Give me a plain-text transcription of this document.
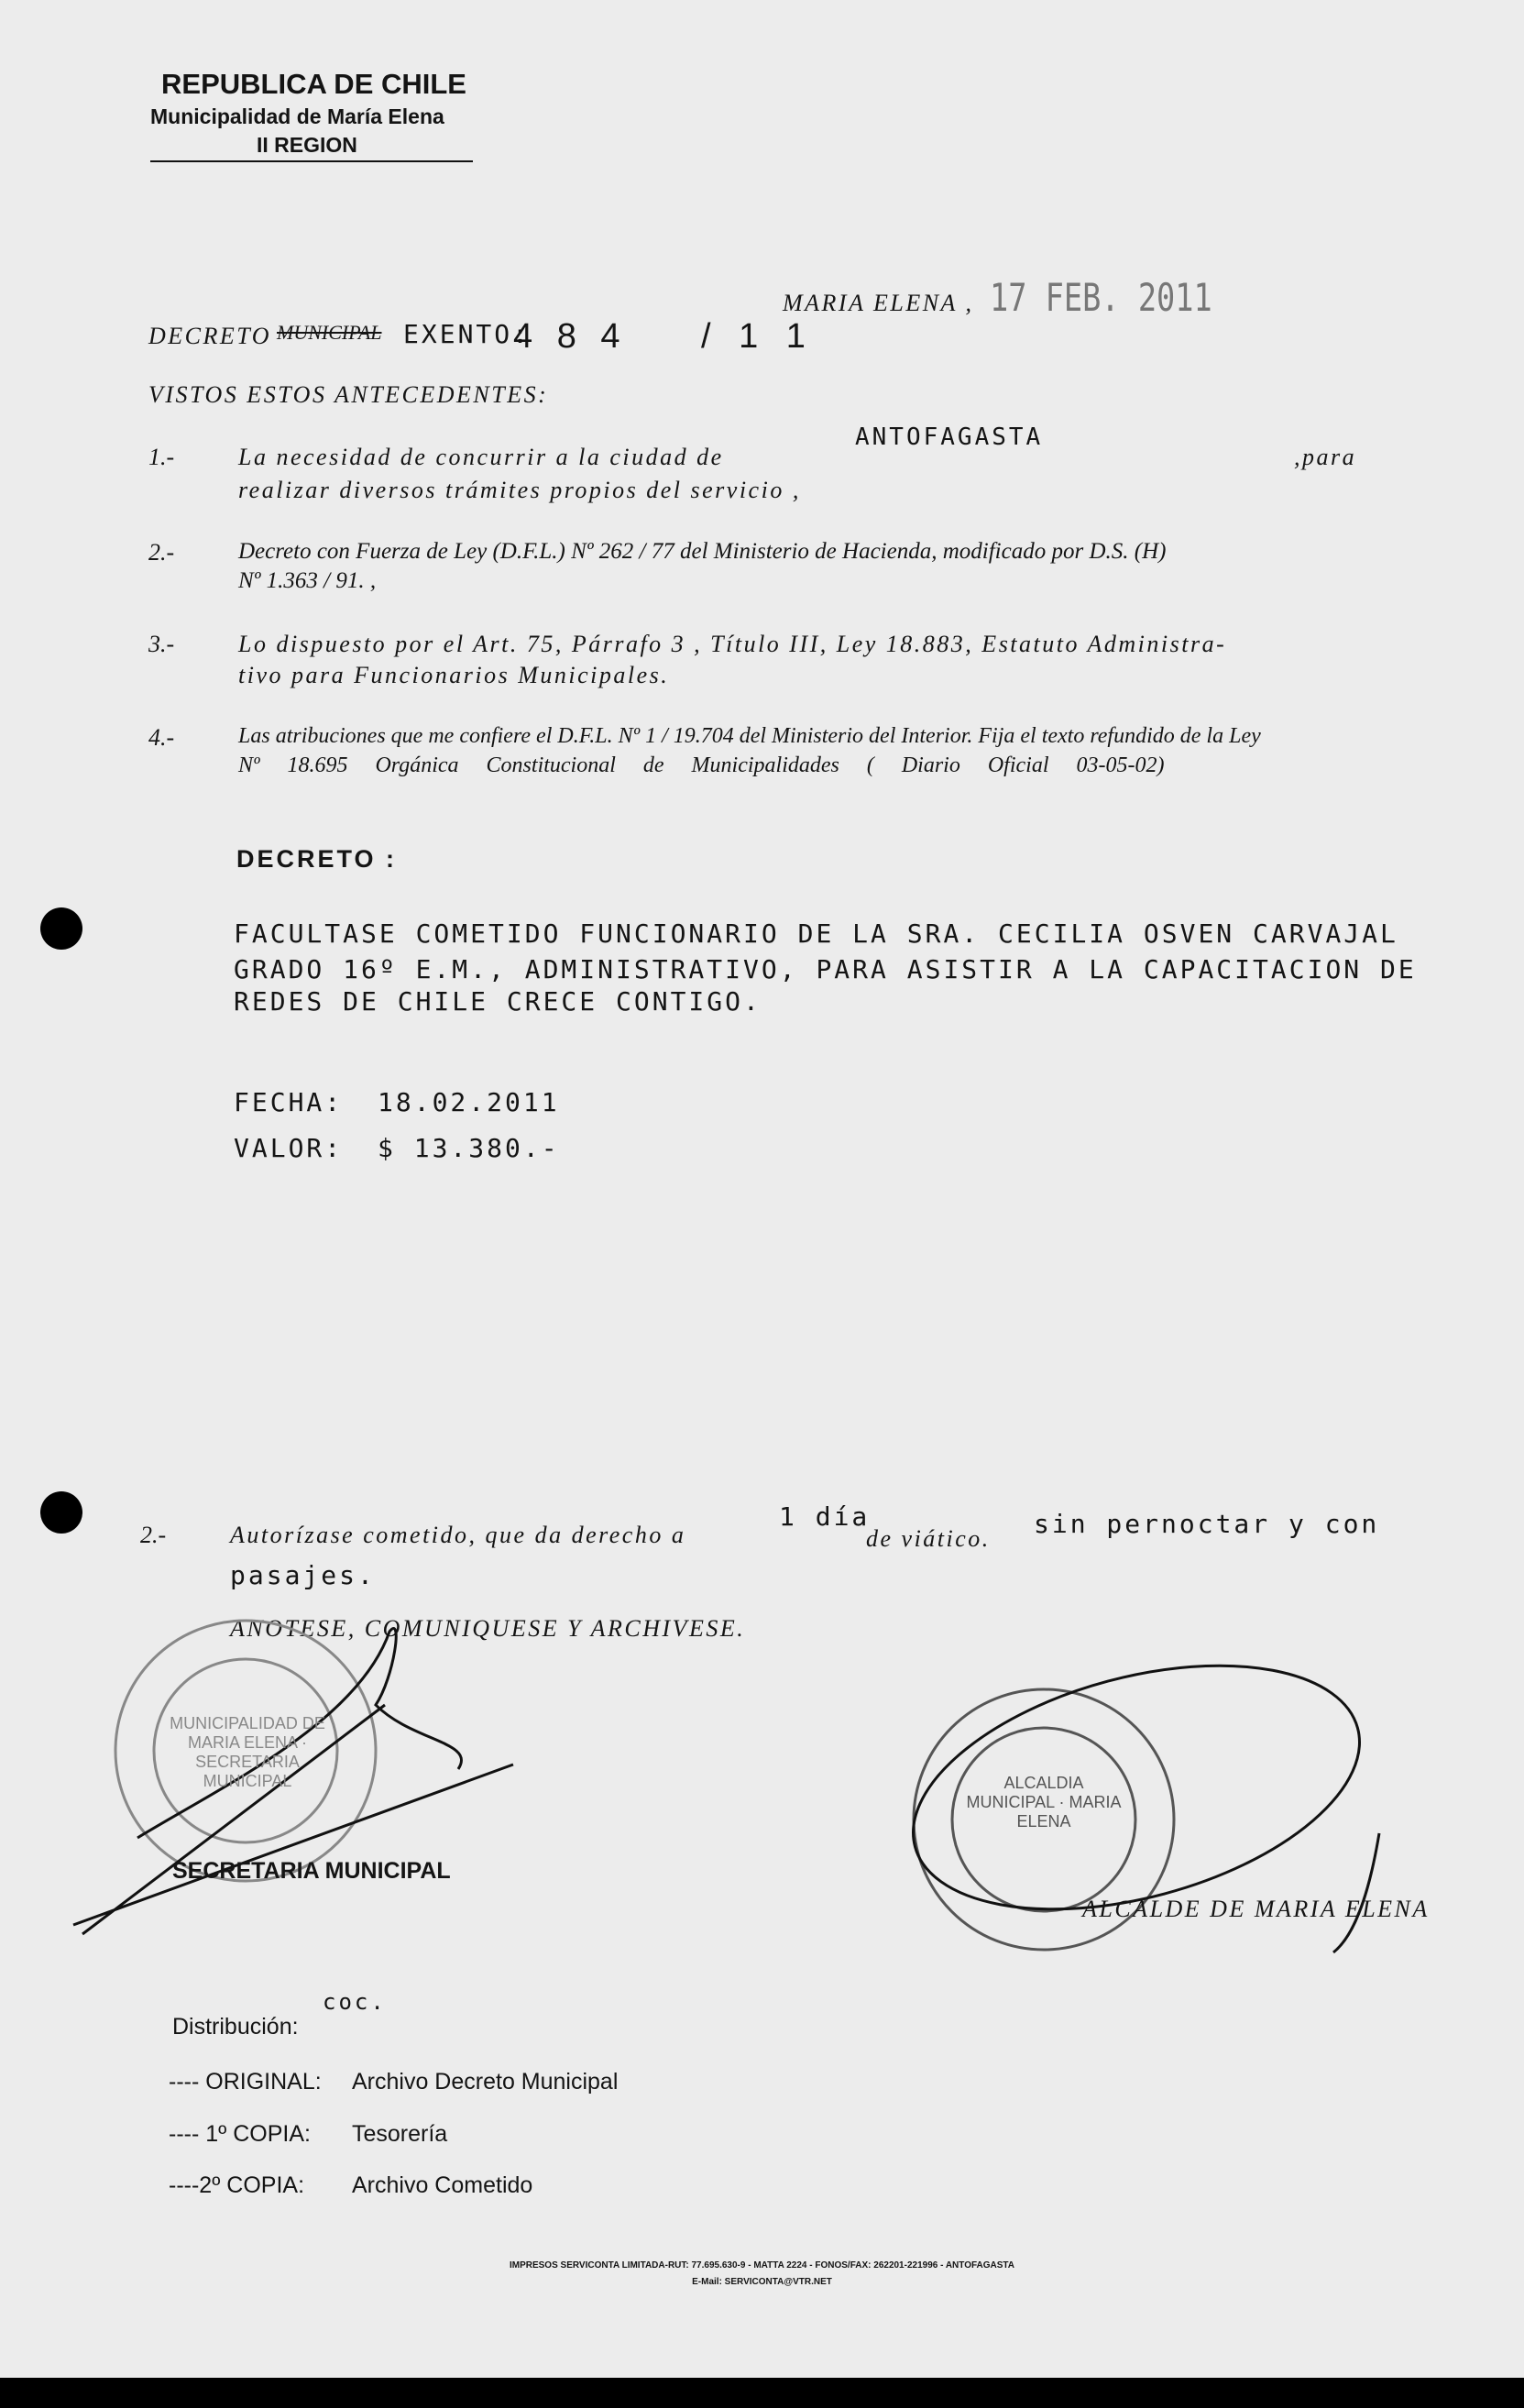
REPUBLICA DE CHILE
Municipalidad de María Elena
II REGION
MARIA ELENA , 17 FEB. 2011
DECRETO MUNICIPAL EXENTO:
4 8 4 / 1 1
VISTOS ESTOS ANTECEDENTES:
1.-	La necesidad de concurrir a la ciudad de
ANTOFAGASTA
,para
realizar diversos trámites propios del servicio ,
2.-	Decreto con Fuerza de Ley (D.F.L.) Nº 262 / 77 del Ministerio de Hacienda, modificado por D.S. (H)
Nº 1.363 / 91. ,
3.-	Lo dispuesto por el Art. 75, Párrafo 3 , Título III, Ley 18.883, Estatuto Administra-
tivo para Funcionarios Municipales.
4.-	Las atribuciones que me confiere el D.F.L. Nº 1 / 19.704 del Ministerio del Interior. Fija el texto refundido de la Ley
Nº 18.695 Orgánica Constitucional de Municipalidades ( Diario Oficial 03-05-02)
DECRETO :
FACULTASE COMETIDO FUNCIONARIO DE LA SRA. CECILIA OSVEN CARVAJAL
GRADO 16º E.M., ADMINISTRATIVO, PARA ASISTIR A LA CAPACITACION DE
REDES DE CHILE CRECE CONTIGO.
FECHA: 18.02.2011
VALOR: $ 13.380.-
2.-	Autorízase cometido, que da derecho a
1 día
de viático. sin pernoctar y con
pasajes.
ANOTESE, COMUNIQUESE Y ARCHIVESE.
MUNICIPALIDAD DE MARIA ELENA · SECRETARIA MUNICIPAL	ALCALDIA MUNICIPAL · MARIA ELENA
SECRETARIA MUNICIPAL
ALCALDE DE MARIA ELENA
Distribución:
coc.
---- ORIGINAL: Archivo Decreto Municipal
---- 1º COPIA: Tesorería
----2º COPIA: Archivo Cometido
IMPRESOS SERVICONTA LIMITADA-RUT: 77.695.630-9 - MATTA 2224 - FONOS/FAX: 262201-221996 - ANTOFAGASTA
E-Mail: SERVICONTA@VTR.NET
